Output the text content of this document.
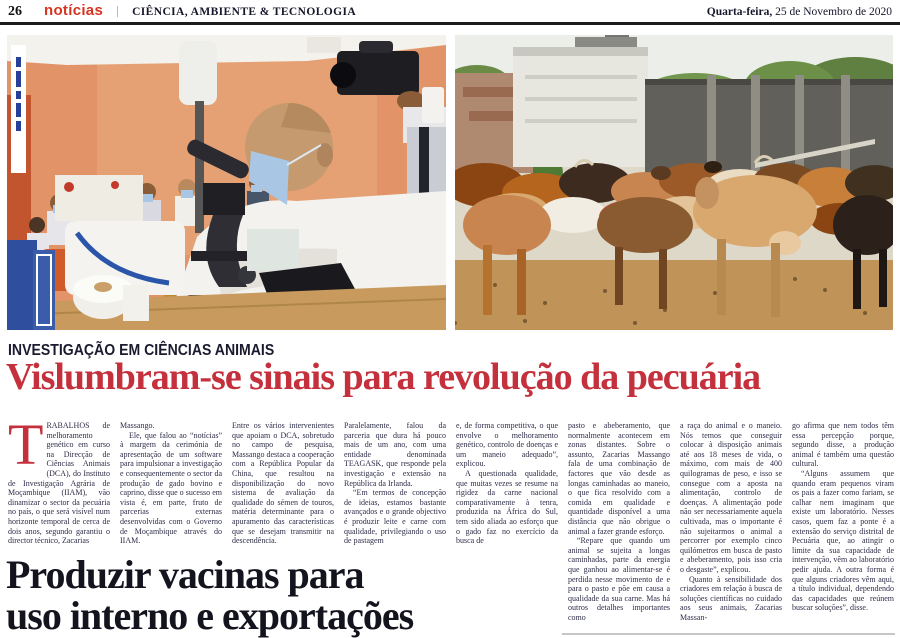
26 notícias	CIÊNCIA, AMBIENTE & TECNOLOGIA	Quarta-feira, 25 de Novembro de 2020
INVESTIGAÇÃO EM CIÊNCIAS ANIMAIS
Vislumbram-se sinais para revolução da pecuária

TRABALHOS de melhoramento genético em curso na Direcção de Ciências Animais (DCA), do Instituto de Investigação Agrária de Moçambique (IIAM), vão dinamizar o sector da pecuária no país, o que será visível num horizonte temporal de cerca de dois anos, segundo garantiu o director técnico, Zacarias

Massango.

Ele, que falou ao “notícias” à margem da cerimónia de apresentação de um software para impulsionar a investigação e consequentemente o sector da produção de gado bovino e caprino, disse que o sucesso em vista é, em parte, fruto de parcerias externas desenvolvidas com o Governo de Moçambique através do IIAM.

Entre os vários intervenientes que apoiam o DCA, sobretudo no campo de pesquisa, Massango destaca a cooperação com a República Popular da China, que resultou na disponibilização do novo sistema de avaliação da qualidade do sémen de touros, matéria determinante para o apuramento das características que se desejam transmitir na descendência.

Paralelamente, falou da parceria que dura há pouco mais de um ano, com uma entidade denominada TEAGASK, que responde pela investigação e extensão na República da Irlanda.

“Em termos de concepção de ideias, estamos bastante avançados e o grande objectivo é produzir leite e carne com qualidade, privilegiando o uso de pastagem

e, de forma competitiva, o que envolve o melhoramento genético, controlo de doenças e um maneio adequado”, explicou.

A questionada qualidade, que muitas vezes se resume na rigidez da carne nacional comparativamente à tenra, produzida na África do Sul, tem sido aliada ao esforço que o gado faz no exercício da busca de

pasto e abeberamento, que normalmente acontecem em zonas distantes. Sobre o assunto, Zacarias Massango fala de uma combinação de factores que vão desde as longas caminhadas ao maneio, o que fica resolvido com a comida em qualidade e quantidade disponível a uma distância que não obrigue o animal a fazer grande esforço.

“Repare que quando um animal se sujeita a longas caminhadas, parte da energia que ganhou ao alimentar-se é perdida nesse movimento de e para o pasto e põe em causa a qualidade da sua carne. Mas há outros detalhes importantes como

a raça do animal e o maneio. Nós temos que conseguir colocar à disposição animais até aos 18 meses de vida, o máximo, com mais de 400 quilogramas de peso, e isso se consegue com a aposta na alimentação, controlo de doenças. A alimentação pode não ser necessariamente aquela cultivada, mas o importante é não sujeitarmos o animal a percorrer por exemplo cinco quilómetros em busca de pasto e abeberamento, pois isso cria o desgaste”, explicou.

Quanto à sensibilidade dos criadores em relação à busca de soluções científicas no cuidado aos seus animais, Zacarias Massan-

go afirma que nem todos têm essa percepção porque, segundo disse, a produção animal é também uma questão cultural.

“Alguns assumem que quando eram pequenos viram os pais a fazer como fariam, se calhar nem imaginam que existe um laboratório. Nesses casos, quem faz a ponte é a extensão do serviço distrital de Pecuária que, ao atingir o limite da sua capacidade de intervenção, vêm ao laboratório pedir ajuda. A outra forma é que alguns criadores vêm aqui, a título individual, dependendo das capacidades que reúnem buscar soluções”, disse.

Produzir vacinas para
uso interno e exportações
